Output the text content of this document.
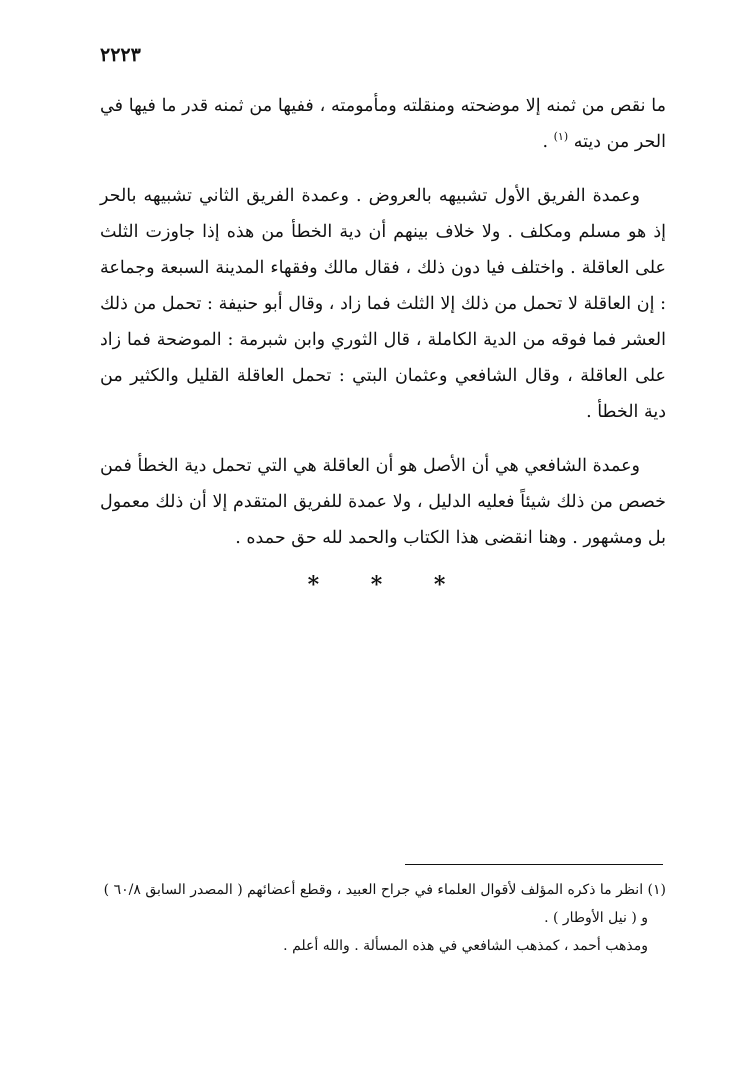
٢٢٢٣

ما نقص من ثمنه إلا موضحته ومنقلته ومأمومته ، ففيها من ثمنه قدر ما فيها في الحر من ديته $^{(١)}$ .

وعمدة الفريق الأول تشبيهه بالعروض . وعمدة الفريق الثاني تشبيهه بالحر إذ هو مسلم ومكلف . ولا خلاف بينهم أن دية الخطأ من هذه إذا جاوزت الثلث على العاقلة . واختلف فيا دون ذلك ، فقال مالك وفقهاء المدينة السبعة وجماعة : إن العاقلة لا تحمل من ذلك إلا الثلث فما زاد ، وقال أبو حنيفة : تحمل من ذلك العشر فما فوقه من الدية الكاملة ، قال الثوري وابن شبرمة : الموضحة فما زاد على العاقلة ، وقال الشافعي وعثمان البتي : تحمل العاقلة القليل والكثير من دية الخطأ .

وعمدة الشافعي هي أن الأصل هو أن العاقلة هي التي تحمل دية الخطأ فمن خصص من ذلك شيئاً فعليه الدليل ، ولا عمدة للفريق المتقدم إلا أن ذلك معمول بل ومشهور . وهنا انقضى هذا الكتاب والحمد لله حق حمده .

* * *

(١) انظر ما ذكره المؤلف لأقوال العلماء في جراح العبيد ، وقطع أعضائهم ( المصدر السابق ٦٠/٨ )

و ( نيل الأوطار ) .

ومذهب أحمد ، كمذهب الشافعي في هذه المسألة . والله أعلم .
